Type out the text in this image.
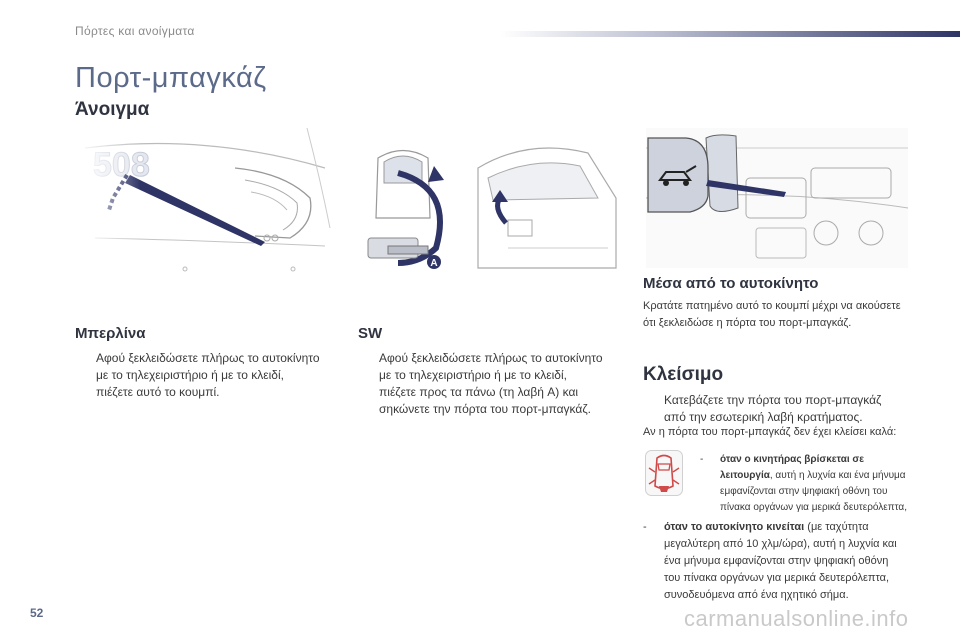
Πόρτες και ανοίγματα
Πορτ-μπαγκάζ
Άνοιγμα
A
Μπερλίνα
Αφού ξεκλειδώσετε πλήρως το αυτοκίνητο
με το τηλεχειριστήριο ή με το κλειδί,
πιέζετε αυτό το κουμπί.
SW
Αφού ξεκλειδώσετε πλήρως το αυτοκίνητο
με το τηλεχειριστήριο ή με το κλειδί,
πιέζετε προς τα πάνω (τη λαβή A) και
σηκώνετε την πόρτα του πορτ-μπαγκάζ.
Μέσα από το αυτοκίνητο
Κρατάτε πατημένο αυτό το κουμπί μέχρι να ακούσετε
ότι ξεκλειδώσε η πόρτα του πορτ-μπαγκάζ.
Κλείσιμο
Κατεβάζετε την πόρτα του πορτ-μπαγκάζ
από την εσωτερική λαβή κρατήματος.
Αν η πόρτα του πορτ-μπαγκάζ δεν έχει κλείσει καλά:
- όταν ο κινητήρας βρίσκεται σε
λειτουργία, αυτή η λυχνία και ένα μήνυμα
εμφανίζονται στην ψηφιακή οθόνη του
πίνακα οργάνων για μερικά δευτερόλεπτα,
- όταν το αυτοκίνητο κινείται (με ταχύτητα
μεγαλύτερη από 10 χλμ/ώρα), αυτή η λυχνία και
ένα μήνυμα εμφανίζονται στην ψηφιακή οθόνη
του πίνακα οργάνων για μερικά δευτερόλεπτα,
συνοδευόμενα από ένα ηχητικό σήμα.
52	carmanualsonline.info
